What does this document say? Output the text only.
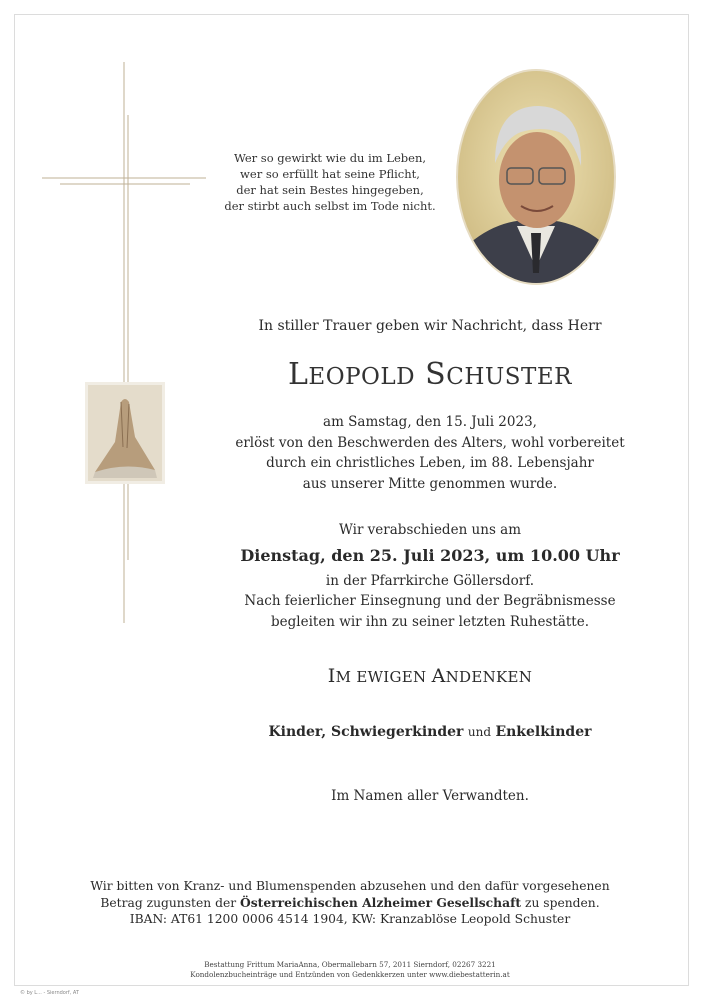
Wer so gewirkt wie du im Leben,
wer so erfüllt hat seine Pflicht,
der hat sein Bestes hingegeben,
der stirbt auch selbst im Tode nicht.
In stiller Trauer geben wir Nachricht, dass Herr
LEOPOLD SCHUSTER
am Samstag, den 15. Juli 2023,
erlöst von den Beschwerden des Alters, wohl vorbereitet
durch ein christliches Leben, im 88. Lebensjahr
aus unserer Mitte genommen wurde.
Wir verabschieden uns am
Dienstag, den 25. Juli 2023, um 10.00 Uhr
in der Pfarrkirche Göllersdorf.
Nach feierlicher Einsegnung und der Begräbnismesse
begleiten wir ihn zu seiner letzten Ruhestätte.
IM EWIGEN ANDENKEN
Kinder, Schwiegerkinder und Enkelkinder
Im Namen aller Verwandten.
Wir bitten von Kranz- und Blumenspenden abzusehen und den dafür vorgesehenen
Betrag zugunsten der Österreichischen Alzheimer Gesellschaft zu spenden.
IBAN: AT61 1200 0006 4514 1904, KW: Kranzablöse Leopold Schuster
Bestattung Frittum MariaAnna, Obermallebarn 57, 2011 Sierndorf, 02267 3221
Kondolenzbucheinträge und Entzünden von Gedenkkerzen unter www.diebestatterin.at
© by L... - Sierndorf, AT
